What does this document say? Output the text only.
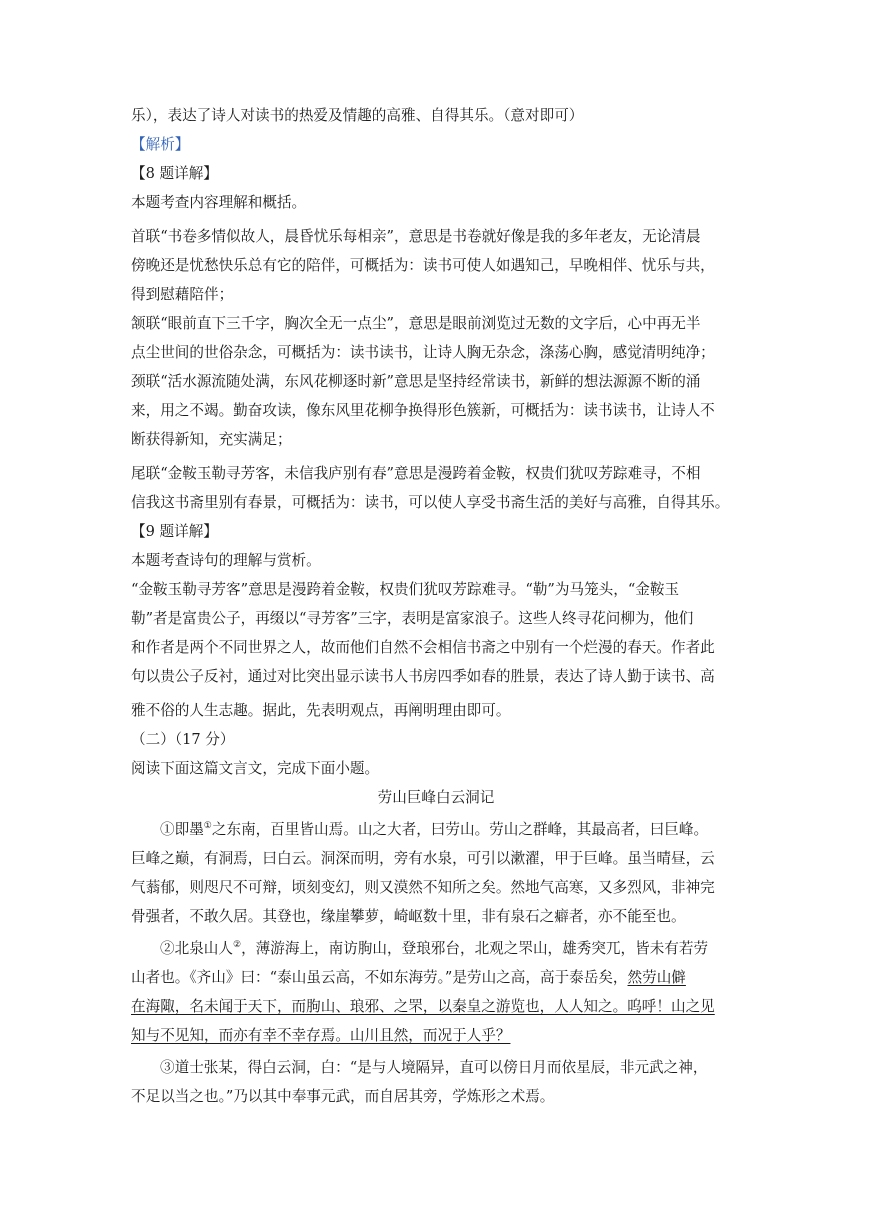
乐），表达了诗人对读书的热爱及情趣的高雅、自得其乐。（意对即可）
【解析】
【8 题详解】
本题考查内容理解和概括。
首联“书卷多情似故人，晨昏忧乐每相亲”，意思是书卷就好像是我的多年老友，无论清晨
傍晚还是忧愁快乐总有它的陪伴，可概括为：读书可使人如遇知己，早晚相伴、忧乐与共，
得到慰藉陪伴；
颔联“眼前直下三千字，胸次全无一点尘”，意思是眼前浏览过无数的文字后，心中再无半
点尘世间的世俗杂念，可概括为：读书读书，让诗人胸无杂念，涤荡心胸，感觉清明纯净；
颈联“活水源流随处满，东风花柳逐时新”意思是坚持经常读书，新鲜的想法源源不断的涌
来，用之不竭。勤奋攻读，像东风里花柳争换得形色簇新，可概括为：读书读书，让诗人不
断获得新知，充实满足；
尾联“金鞍玉勒寻芳客，未信我庐别有春”意思是漫跨着金鞍，权贵们犹叹芳踪难寻，不相
信我这书斋里别有春景，可概括为：读书，可以使人享受书斋生活的美好与高雅，自得其乐。
【9 题详解】
本题考查诗句的理解与赏析。
“金鞍玉勒寻芳客”意思是漫跨着金鞍，权贵们犹叹芳踪难寻。“勒”为马笼头，“金鞍玉
勒”者是富贵公子，再缀以“寻芳客”三字，表明是富家浪子。这些人终寻花问柳为，他们
和作者是两个不同世界之人，故而他们自然不会相信书斋之中别有一个烂漫的春天。作者此
句以贵公子反衬，通过对比突出显示读书人书房四季如春的胜景，表达了诗人勤于读书、高
雅不俗的人生志趣。据此，先表明观点，再阐明理由即可。
（二）（17 分）
阅读下面这篇文言文，完成下面小题。
劳山巨峰白云洞记
①即墨①之东南，百里皆山焉。山之大者，曰劳山。劳山之群峰，其最高者，曰巨峰。
巨峰之巅，有洞焉，曰白云。洞深而明，旁有水泉，可引以漱濯，甲于巨峰。虽当晴昼，云
气蓊郁，则咫尺不可辩，顷刻变幻，则又漠然不知所之矣。然地气高寒，又多烈风，非神完
骨强者，不敢久居。其登也，缘崖攀萝，崎岖数十里，非有泉石之癖者，亦不能至也。
②北泉山人②，薄游海上，南访朐山，登琅邪台，北观之罘山，雄秀突兀，皆未有若劳
山者也。《齐山》曰：“泰山虽云高，不如东海劳。”是劳山之高，高于泰岳矣，然劳山僻
在海陬，名未闻于天下，而朐山、琅邪、之罘，以秦皇之游览也，人人知之。呜呼！山之见
知与不见知，而亦有幸不幸存焉。山川且然，而况于人乎？
③道士张某，得白云洞，白：“是与人境隔异，直可以傍日月而依星辰，非元武之神，
不足以当之也。”乃以其中奉事元武，而自居其旁，学炼形之术焉。
